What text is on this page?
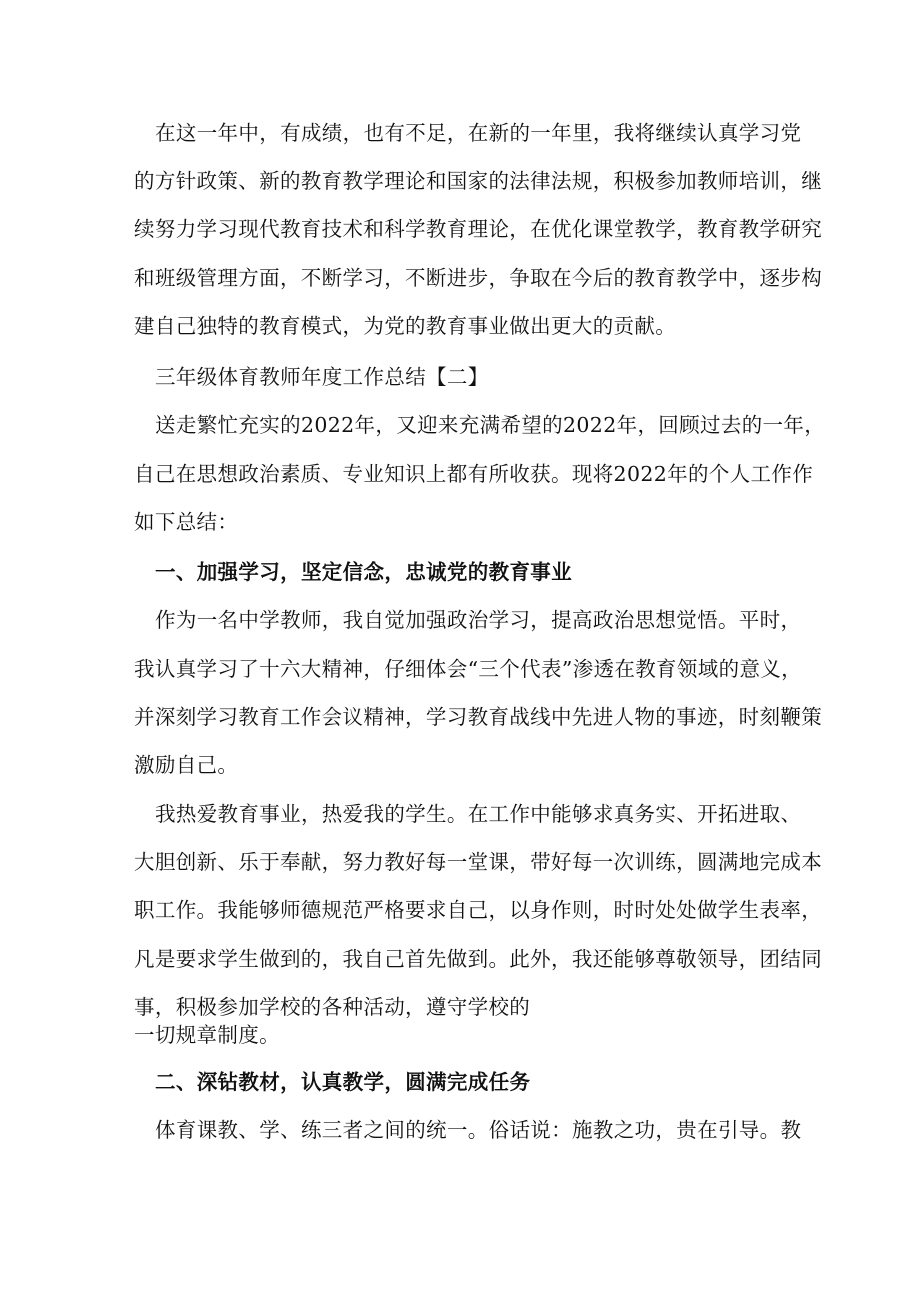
在这一年中，有成绩，也有不足，在新的一年里，我将继续认真学习党
的方针政策、新的教育教学理论和国家的法律法规，积极参加教师培训，继
续努力学习现代教育技术和科学教育理论，在优化课堂教学，教育教学研究
和班级管理方面，不断学习，不断进步，争取在今后的教育教学中，逐步构
建自己独特的教育模式，为党的教育事业做出更大的贡献。
三年级体育教师年度工作总结【二】
送走繁忙充实的2022年，又迎来充满希望的2022年，回顾过去的一年，
自己在思想政治素质、专业知识上都有所收获。现将2022年的个人工作作
如下总结：
一、加强学习，坚定信念，忠诚党的教育事业
作为一名中学教师，我自觉加强政治学习，提高政治思想觉悟。平时，
我认真学习了十六大精神，仔细体会“三个代表”渗透在教育领域的意义，
并深刻学习教育工作会议精神，学习教育战线中先进人物的事迹，时刻鞭策
激励自己。
我热爱教育事业，热爱我的学生。在工作中能够求真务实、开拓进取、
大胆创新、乐于奉献，努力教好每一堂课，带好每一次训练，圆满地完成本
职工作。我能够师德规范严格要求自己，以身作则，时时处处做学生表率，
凡是要求学生做到的，我自己首先做到。此外，我还能够尊敬领导，团结同
事，积极参加学校的各种活动，遵守学校的
一切规章制度。
二、深钻教材，认真教学，圆满完成任务
体育课教、学、练三者之间的统一。俗话说：施教之功，贵在引导。教
